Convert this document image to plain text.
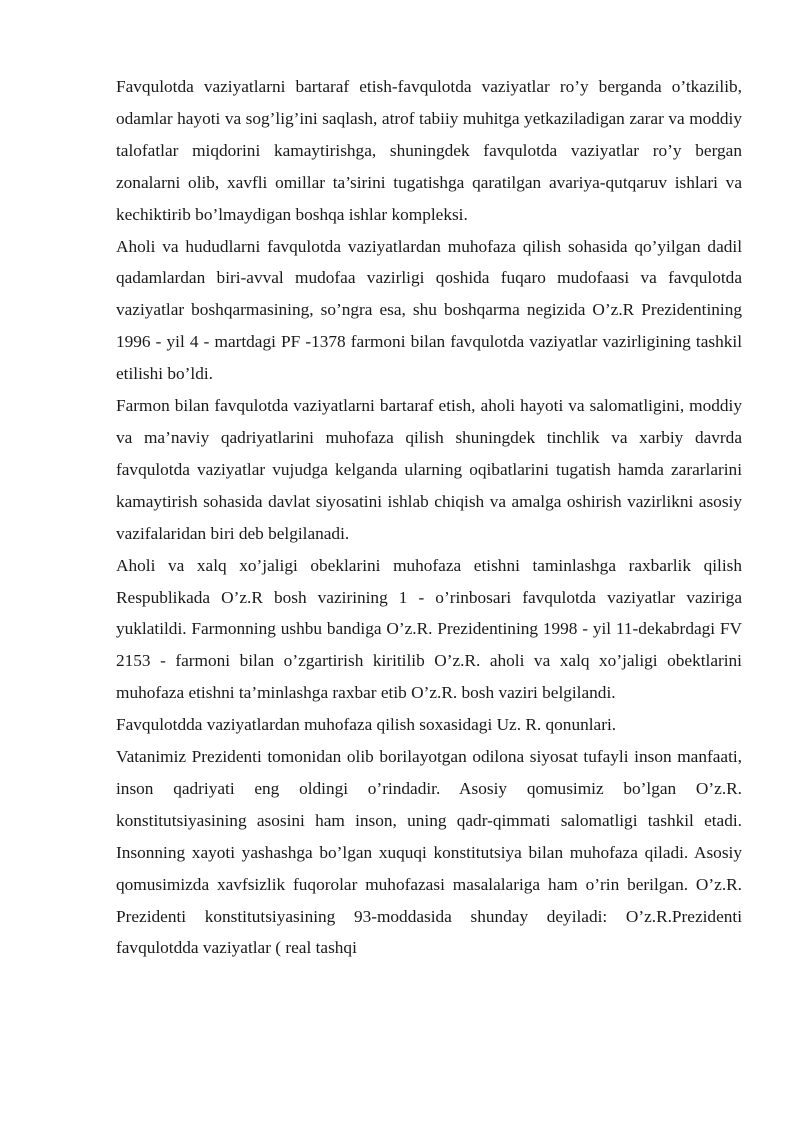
Favqulotda vaziyatlarni bartaraf etish-favqulotda vaziyatlar ro’y berganda o’tkazilib, odamlar hayoti va sog’lig’ini saqlash, atrof tabiiy muhitga yetkaziladigan zarar va moddiy talofatlar miqdorini kamaytirishga, shuningdek favqulotda vaziyatlar ro’y bergan zonalarni olib, xavfli omillar ta’sirini tugatishga qaratilgan avariya-qutqaruv ishlari va kechiktirib bo’lmaydigan boshqa ishlar kompleksi.

Aholi va hududlarni favqulotda vaziyatlardan muhofaza qilish sohasida qo’yilgan dadil qadamlardan biri-avval mudofaa vazirligi qoshida fuqaro mudofaasi va favqulotda vaziyatlar boshqarmasining, so’ngra esa, shu boshqarma negizida O’z.R Prezidentining 1996 - yil 4 - martdagi PF -1378 farmoni bilan favqulotda vaziyatlar vazirligining tashkil etilishi bo’ldi.

Farmon bilan favqulotda vaziyatlarni bartaraf etish, aholi hayoti va salomatligini, moddiy va ma’naviy qadriyatlarini muhofaza qilish shuningdek tinchlik va xarbiy davrda favqulotda vaziyatlar vujudga kelganda ularning oqibatlarini tugatish hamda zararlarini kamaytirish sohasida davlat siyosatini ishlab chiqish va amalga oshirish vazirlikni asosiy vazifalaridan biri deb belgilanadi.

Aholi va xalq xo’jaligi obeklarini muhofaza etishni taminlashga raxbarlik qilish Respublikada O’z.R bosh vazirining 1 - o’rinbosari favqulotda vaziyatlar vaziriga yuklatildi. Farmonning ushbu bandiga O’z.R. Prezidentining 1998 - yil 11-dekabrdagi FV 2153 - farmoni bilan o’zgartirish kiritilib O’z.R. aholi va xalq xo’jaligi obektlarini muhofaza etishni ta’minlashga raxbar etib O’z.R. bosh vaziri belgilandi.

Favqulotdda vaziyatlardan muhofaza qilish soxasidagi Uz. R. qonunlari.

Vatanimiz Prezidenti tomonidan olib borilayotgan odilona siyosat tufayli inson manfaati, inson qadriyati eng oldingi o’rindadir. Asosiy qomusimiz bo’lgan O’z.R. konstitutsiyasining asosini ham inson, uning qadr-qimmati salomatligi tashkil etadi. Insonning xayoti yashashga bo’lgan xuquqi konstitutsiya bilan muhofaza qiladi. Asosiy qomusimizda xavfsizlik fuqorolar muhofazasi masalalariga ham o’rin berilgan. O’z.R. Prezidenti konstitutsiyasining 93-moddasida shunday deyiladi: O’z.R.Prezidenti favqulotdda vaziyatlar ( real tashqi
